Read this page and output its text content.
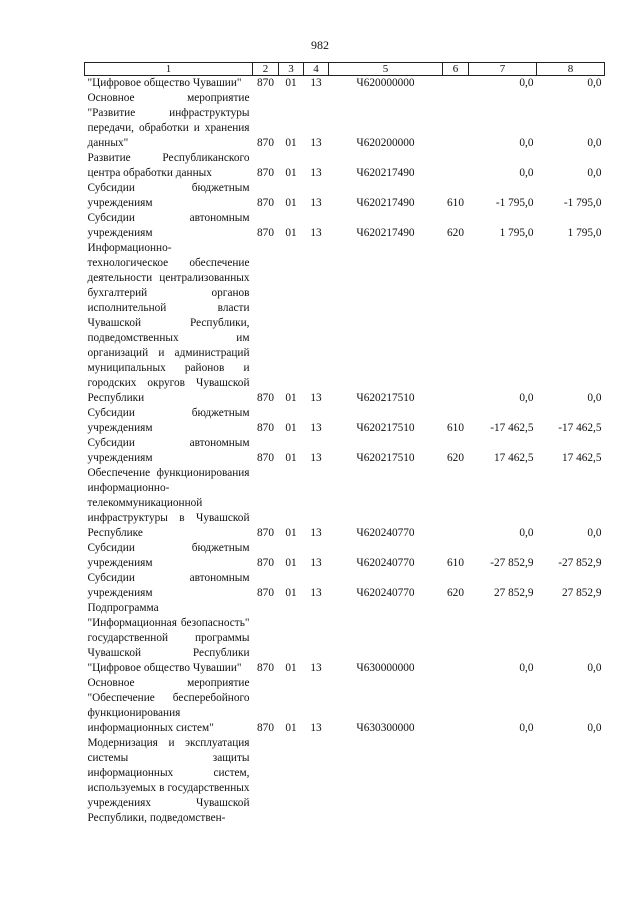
982
1	2	3	4	5	6	7	8
"Цифровое общество Чувашии"	870	01	13	Ч620000000		0,0	0,0
Основное мероприятие "Развитие инфраструктуры передачи, обработки и хранения данных"	870	01	13	Ч620200000		0,0	0,0
Развитие Республиканского центра обработки данных	870	01	13	Ч620217490		0,0	0,0
Субсидии бюджетным учреждениям	870	01	13	Ч620217490	610	-1 795,0	-1 795,0
Субсидии автономным учреждениям	870	01	13	Ч620217490	620	1 795,0	1 795,0
Информационно-технологическое обеспечение деятельности централизованных бухгалтерий органов исполнительной власти Чувашской Республики, подведомственных им организаций и администраций муниципальных районов и городских округов Чувашской Республики	870	01	13	Ч620217510		0,0	0,0
Субсидии бюджетным учреждениям	870	01	13	Ч620217510	610	-17 462,5	-17 462,5
Субсидии автономным учреждениям	870	01	13	Ч620217510	620	17 462,5	17 462,5
Обеспечение функционирования информационно-телекоммуникационной инфраструктуры в Чувашской Республике	870	01	13	Ч620240770		0,0	0,0
Субсидии бюджетным учреждениям	870	01	13	Ч620240770	610	-27 852,9	-27 852,9
Субсидии автономным учреждениям	870	01	13	Ч620240770	620	27 852,9	27 852,9
Подпрограмма "Информационная безопасность" государственной программы Чувашской Республики "Цифровое общество Чувашии"	870	01	13	Ч630000000		0,0	0,0
Основное мероприятие "Обеспечение бесперебойного функционирования информационных систем"	870	01	13	Ч630300000		0,0	0,0
Модернизация и эксплуатация системы защиты информационных систем, используемых в государственных учреждениях Чувашской Республики, подведомствен-							
